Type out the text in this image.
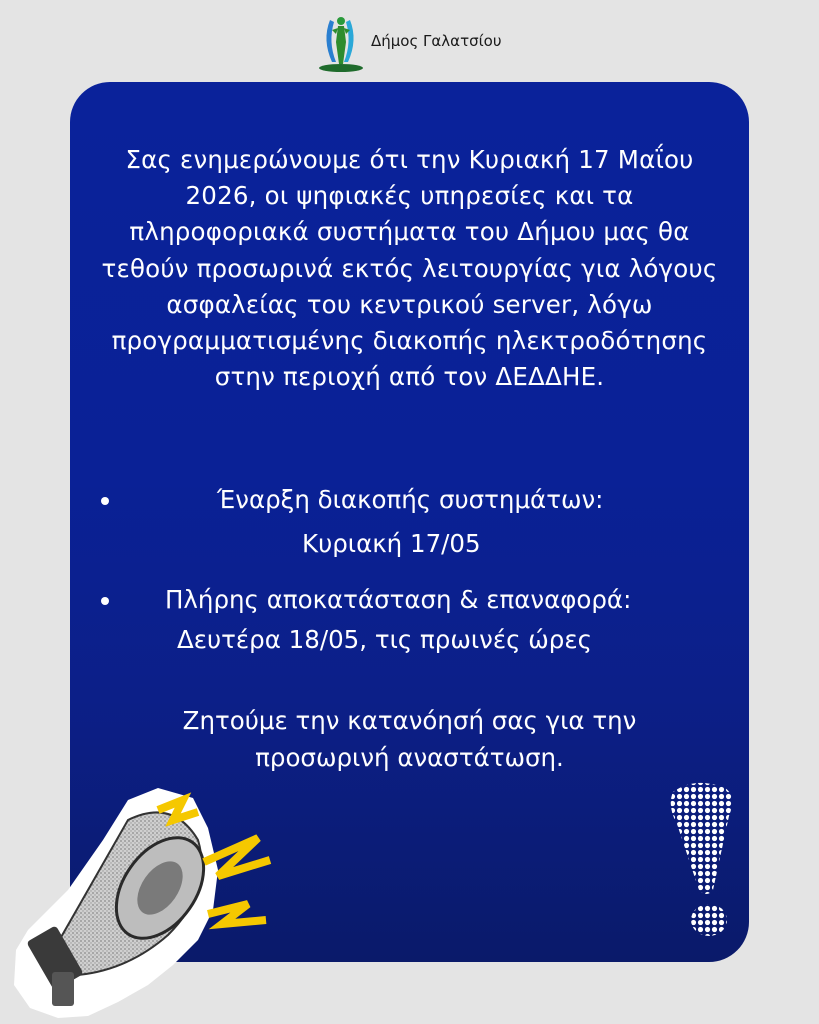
Δήμος Γαλατσίου
Σας ενημερώνουμε ότι την Κυριακή 17 Μαΐου
2026, οι ψηφιακές υπηρεσίες και τα
πληροφοριακά συστήματα του Δήμου μας θα
τεθούν προσωρινά εκτός λειτουργίας για λόγους
ασφαλείας του κεντρικού server, λόγω
προγραμματισμένης διακοπής ηλεκτροδότησης
στην περιοχή από τον ΔΕΔΔΗΕ.
Έναρξη διακοπής συστημάτων:
Κυριακή 17/05
Πλήρης αποκατάσταση & επαναφορά:
Δευτέρα 18/05, τις πρωινές ώρες
Ζητούμε την κατανόησή σας για την
προσωρινή αναστάτωση.
